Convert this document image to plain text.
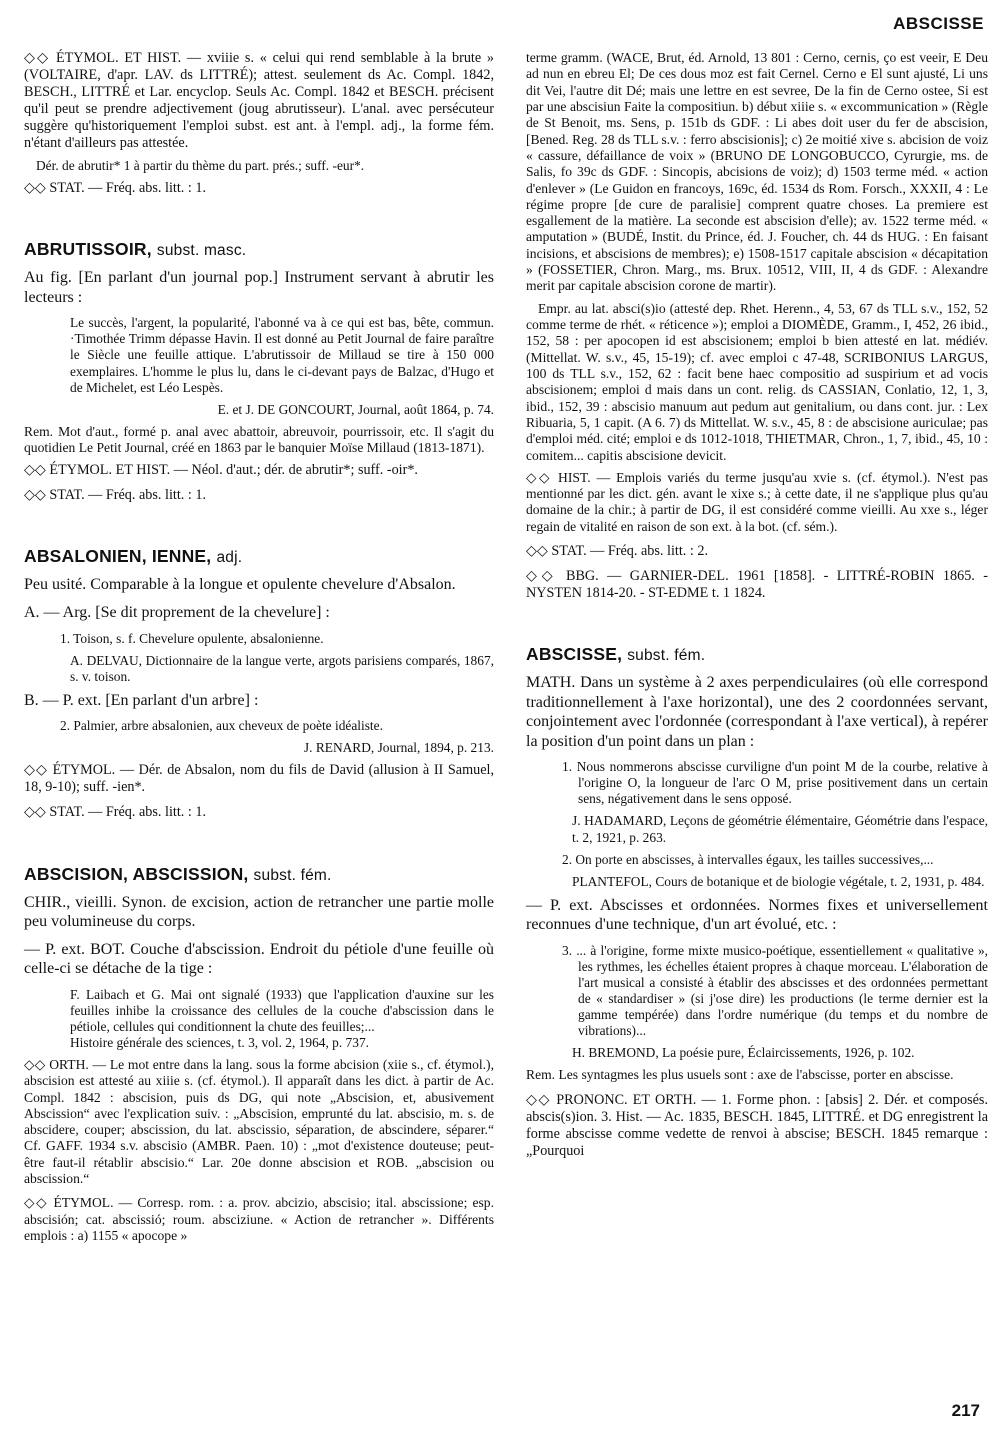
ABSCISSE

◇◇ ÉTYMOL. ET HIST. — xviiie s. « celui qui rend semblable à la brute » (VOLTAIRE, d'apr. LAV. ds LITTRÉ); attest. seulement ds Ac. Compl. 1842, BESCH., LITTRÉ et Lar. encyclop. Seuls Ac. Compl. 1842 et BESCH. précisent qu'il peut se prendre adjectivement (joug abrutisseur). L'anal. avec persécuteur suggère qu'historiquement l'emploi subst. est ant. à l'empl. adj., la forme fém. n'étant d'ailleurs pas attestée.

Dér. de abrutir* 1 à partir du thème du part. prés.; suff. -eur*.

◇◇ STAT. — Fréq. abs. litt. : 1.

ABRUTISSOIR, subst. masc.

Au fig. [En parlant d'un journal pop.] Instrument servant à abrutir les lecteurs :

Le succès, l'argent, la popularité, l'abonné va à ce qui est bas, bête, commun. ·Timothée Trimm dépasse Havin. Il est donné au Petit Journal de faire paraître le Siècle une feuille attique. L'abrutissoir de Millaud se tire à 150 000 exemplaires. L'homme le plus lu, dans le ci-devant pays de Balzac, d'Hugo et de Michelet, est Léo Lespès.

E. et J. DE GONCOURT, Journal, août 1864, p. 74.

Rem. Mot d'aut., formé p. anal avec abattoir, abreuvoir, pourrissoir, etc. Il s'agit du quotidien Le Petit Journal, créé en 1863 par le banquier Moïse Millaud (1813-1871).

◇◇ ÉTYMOL. ET HIST. — Néol. d'aut.; dér. de abrutir*; suff. -oir*.

◇◇ STAT. — Fréq. abs. litt. : 1.

ABSALONIEN, IENNE, adj.

Peu usité. Comparable à la longue et opulente chevelure d'Absalon.

A. — Arg. [Se dit proprement de la chevelure] :

1. Toison, s. f. Chevelure opulente, absalonienne.

A. DELVAU, Dictionnaire de la langue verte, argots parisiens comparés, 1867, s. v. toison.

B. — P. ext. [En parlant d'un arbre] :

2. Palmier, arbre absalonien, aux cheveux de poète idéaliste.

J. RENARD, Journal, 1894, p. 213.

◇◇ ÉTYMOL. — Dér. de Absalon, nom du fils de David (allusion à II Samuel, 18, 9-10); suff. -ien*.

◇◇ STAT. — Fréq. abs. litt. : 1.

ABSCISION, ABSCISSION, subst. fém.

CHIR., vieilli. Synon. de excision, action de retrancher une partie molle peu volumineuse du corps.

— P. ext. BOT. Couche d'abscission. Endroit du pétiole d'une feuille où celle-ci se détache de la tige :

F. Laibach et G. Mai ont signalé (1933) que l'application d'auxine sur les feuilles inhibe la croissance des cellules de la couche d'abscission dans le pétiole, cellules qui conditionnent la chute des feuilles;...

Histoire générale des sciences, t. 3, vol. 2, 1964, p. 737.

◇◇ ORTH. — Le mot entre dans la lang. sous la forme abcision (xiie s., cf. étymol.), abscision est attesté au xiiie s. (cf. étymol.). Il apparaît dans les dict. à partir de Ac. Compl. 1842 : abscision, puis ds DG, qui note „Abscision, et, abusivement Abscission“ avec l'explication suiv. : „Abscision, emprunté du lat. abscisio, m. s. de abscidere, couper; abscission, du lat. abscissio, séparation, de abscindere, séparer.“ Cf. GAFF. 1934 s.v. abscisio (AMBR. Paen. 10) : „mot d'existence douteuse; peut-être faut-il rétablir abscisio.“ Lar. 20e donne abscision et ROB. „abscision ou abscission.“

◇◇ ÉTYMOL. — Corresp. rom. : a. prov. abcizio, abscisio; ital. abscissione; esp. abscisión; cat. abscissió; roum. absciziune. « Action de retrancher ». Différents emplois : a) 1155 « apocope »

terme gramm. (WACE, Brut, éd. Arnold, 13 801 : Cerno, cernis, ço est veeir, E Deu ad nun en ebreu El; De ces dous moz est fait Cernel. Cerno e El sunt ajusté, Li uns dit Vei, l'autre dit Dé; mais une lettre en est sevree, De la fin de Cerno ostee, Si est par une abscisiun Faite la compositiun. b) début xiiie s. « excommunication » (Règle de St Benoit, ms. Sens, p. 151b ds GDF. : Li abes doit user du fer de abscision, [Bened. Reg. 28 ds TLL s.v. : ferro abscisionis]; c) 2e moitié xive s. abcision de voiz « cassure, défaillance de voix » (BRUNO DE LONGOBUCCO, Cyrurgie, ms. de Salis, fo 39c ds GDF. : Sincopis, abcisions de voiz); d) 1503 terme méd. « action d'enlever » (Le Guidon en francoys, 169c, éd. 1534 ds Rom. Forsch., XXXII, 4 : Le régime propre [de cure de paralisie] comprent quatre choses. La premiere est esgallement de la matière. La seconde est abscision d'elle); av. 1522 terme méd. « amputation » (BUDÉ, Instit. du Prince, éd. J. Foucher, ch. 44 ds HUG. : En faisant incisions, et abscisions de membres); e) 1508-1517 capitale abscision « décapitation » (FOSSETIER, Chron. Marg., ms. Brux. 10512, VIII, II, 4 ds GDF. : Alexandre merit par capitale abscision corone de martir).

Empr. au lat. absci(s)io (attesté dep. Rhet. Herenn., 4, 53, 67 ds TLL s.v., 152, 52 comme terme de rhét. « réticence »); emploi a DIOMÈDE, Gramm., I, 452, 26 ibid., 152, 58 : per apocopen id est abscisionem; emploi b bien attesté en lat. médiév. (Mittellat. W. s.v., 45, 15-19); cf. avec emploi c 47-48, SCRIBONIUS LARGUS, 100 ds TLL s.v., 152, 62 : facit bene haec compositio ad suspirium et ad vocis abscisionem; emploi d mais dans un cont. relig. ds CASSIAN, Conlatio, 12, 1, 3, ibid., 152, 39 : abscisio manuum aut pedum aut genitalium, ou dans cont. jur. : Lex Ribuaria, 5, 1 capit. (A 6. 7) ds Mittellat. W. s.v., 45, 8 : de abscisione auriculae; pas d'emploi méd. cité; emploi e ds 1012-1018, THIETMAR, Chron., 1, 7, ibid., 45, 10 : comitem... capitis abscisione devicit.

◇◇ HIST. — Emplois variés du terme jusqu'au xvie s. (cf. étymol.). N'est pas mentionné par les dict. gén. avant le xixe s.; à cette date, il ne s'applique plus qu'au domaine de la chir.; à partir de DG, il est considéré comme vieilli. Au xxe s., léger regain de vitalité en raison de son ext. à la bot. (cf. sém.).

◇◇ STAT. — Fréq. abs. litt. : 2.

◇◇ BBG. — GARNIER-DEL. 1961 [1858]. - LITTRÉ-ROBIN 1865. - NYSTEN 1814-20. - ST-EDME t. 1 1824.

ABSCISSE, subst. fém.

MATH. Dans un système à 2 axes perpendiculaires (où elle correspond traditionnellement à l'axe horizontal), une des 2 coordonnées servant, conjointement avec l'ordonnée (correspondant à l'axe vertical), à repérer la position d'un point dans un plan :

1. Nous nommerons abscisse curviligne d'un point M de la courbe, relative à l'origine O, la longueur de l'arc O M, prise positivement dans un certain sens, négativement dans le sens opposé.

J. HADAMARD, Leçons de géométrie élémentaire, Géométrie dans l'espace, t. 2, 1921, p. 263.

2. On porte en abscisses, à intervalles égaux, les tailles successives,...

PLANTEFOL, Cours de botanique et de biologie végétale, t. 2, 1931, p. 484.

— P. ext. Abscisses et ordonnées. Normes fixes et universellement reconnues d'une technique, d'un art évolué, etc. :

3. ... à l'origine, forme mixte musico-poétique, essentiellement « qualitative », les rythmes, les échelles étaient propres à chaque morceau. L'élaboration de l'art musical a consisté à établir des abscisses et des ordonnées permettant de « standardiser » (si j'ose dire) les productions (le terme dernier est la gamme tempérée) dans l'ordre numérique (du temps et du nombre de vibrations)...

H. BREMOND, La poésie pure, Éclaircissements, 1926, p. 102.

Rem. Les syntagmes les plus usuels sont : axe de l'abscisse, porter en abscisse.

◇◇ PRONONC. ET ORTH. — 1. Forme phon. : [absis] 2. Dér. et composés. abscis(s)ion. 3. Hist. — Ac. 1835, BESCH. 1845, LITTRÉ. et DG enregistrent la forme abscisse comme vedette de renvoi à abscise; BESCH. 1845 remarque : „Pourquoi

217
